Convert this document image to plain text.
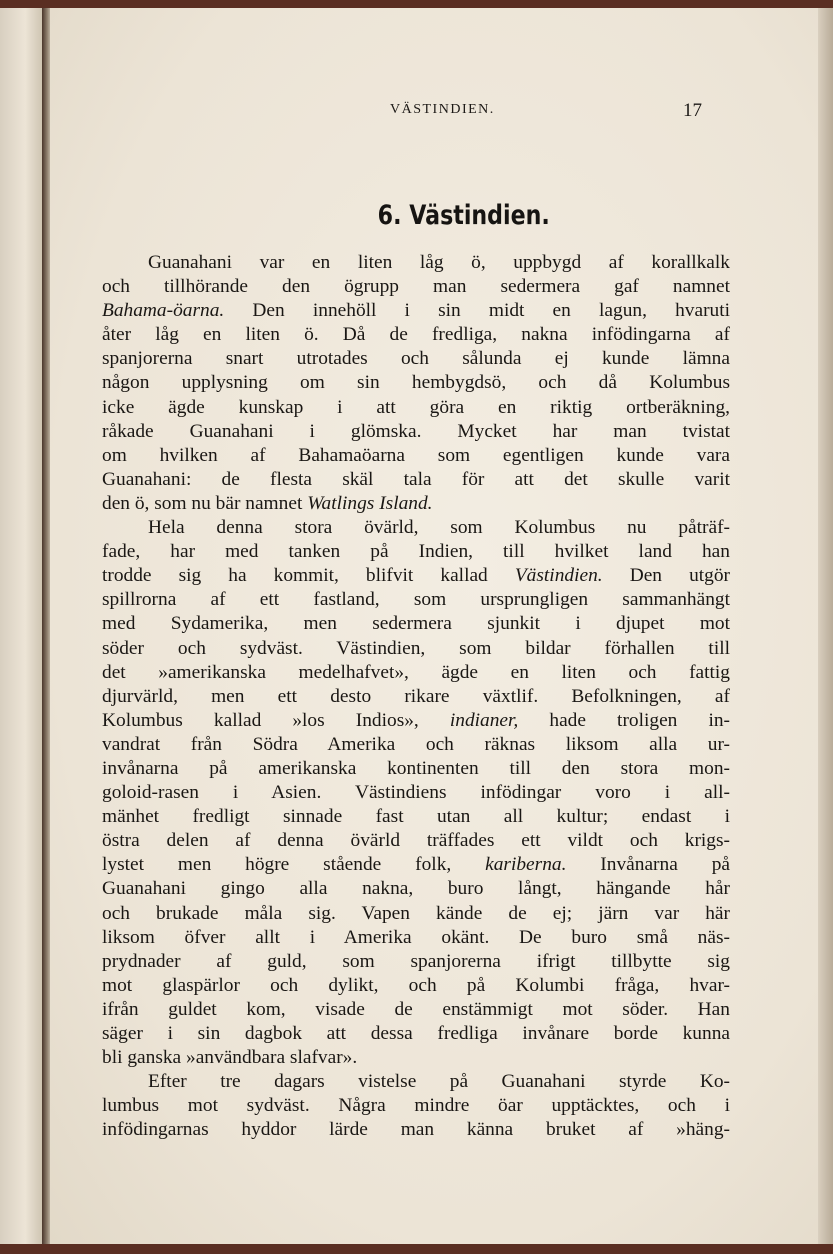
VÄSTINDIEN.	17
6. Västindien.
Guanahani var en liten låg ö, uppbygd af korallkalk
och tillhörande den ögrupp man sedermera gaf namnet
Bahama-öarna. Den innehöll i sin midt en lagun, hvaruti
åter låg en liten ö. Då de fredliga, nakna infödingarna af
spanjorerna snart utrotades och sålunda ej kunde lämna
någon upplysning om sin hembygdsö, och då Kolumbus
icke ägde kunskap i att göra en riktig ortberäkning,
råkade Guanahani i glömska. Mycket har man tvistat
om hvilken af Bahamaöarna som egentligen kunde vara
Guanahani: de flesta skäl tala för att det skulle varit
den ö, som nu bär namnet Watlings Island.
Hela denna stora övärld, som Kolumbus nu påträf-
fade, har med tanken på Indien, till hvilket land han
trodde sig ha kommit, blifvit kallad Västindien. Den utgör
spillrorna af ett fastland, som ursprungligen sammanhängt
med Sydamerika, men sedermera sjunkit i djupet mot
söder och sydväst. Västindien, som bildar förhallen till
det »amerikanska medelhafvet», ägde en liten och fattig
djurvärld, men ett desto rikare växtlif. Befolkningen, af
Kolumbus kallad »los Indios», indianer, hade troligen in-
vandrat från Södra Amerika och räknas liksom alla ur-
invånarna på amerikanska kontinenten till den stora mon-
goloid-rasen i Asien. Västindiens infödingar voro i all-
mänhet fredligt sinnade fast utan all kultur; endast i
östra delen af denna övärld träffades ett vildt och krigs-
lystet men högre stående folk, kariberna. Invånarna på
Guanahani gingo alla nakna, buro långt, hängande hår
och brukade måla sig. Vapen kände de ej; järn var här
liksom öfver allt i Amerika okänt. De buro små näs-
prydnader af guld, som spanjorerna ifrigt tillbytte sig
mot glaspärlor och dylikt, och på Kolumbi fråga, hvar-
ifrån guldet kom, visade de enstämmigt mot söder. Han
säger i sin dagbok att dessa fredliga invånare borde kunna
bli ganska »användbara slafvar».
Efter tre dagars vistelse på Guanahani styrde Ko-
lumbus mot sydväst. Några mindre öar upptäcktes, och i
infödingarnas hyddor lärde man känna bruket af »häng-
